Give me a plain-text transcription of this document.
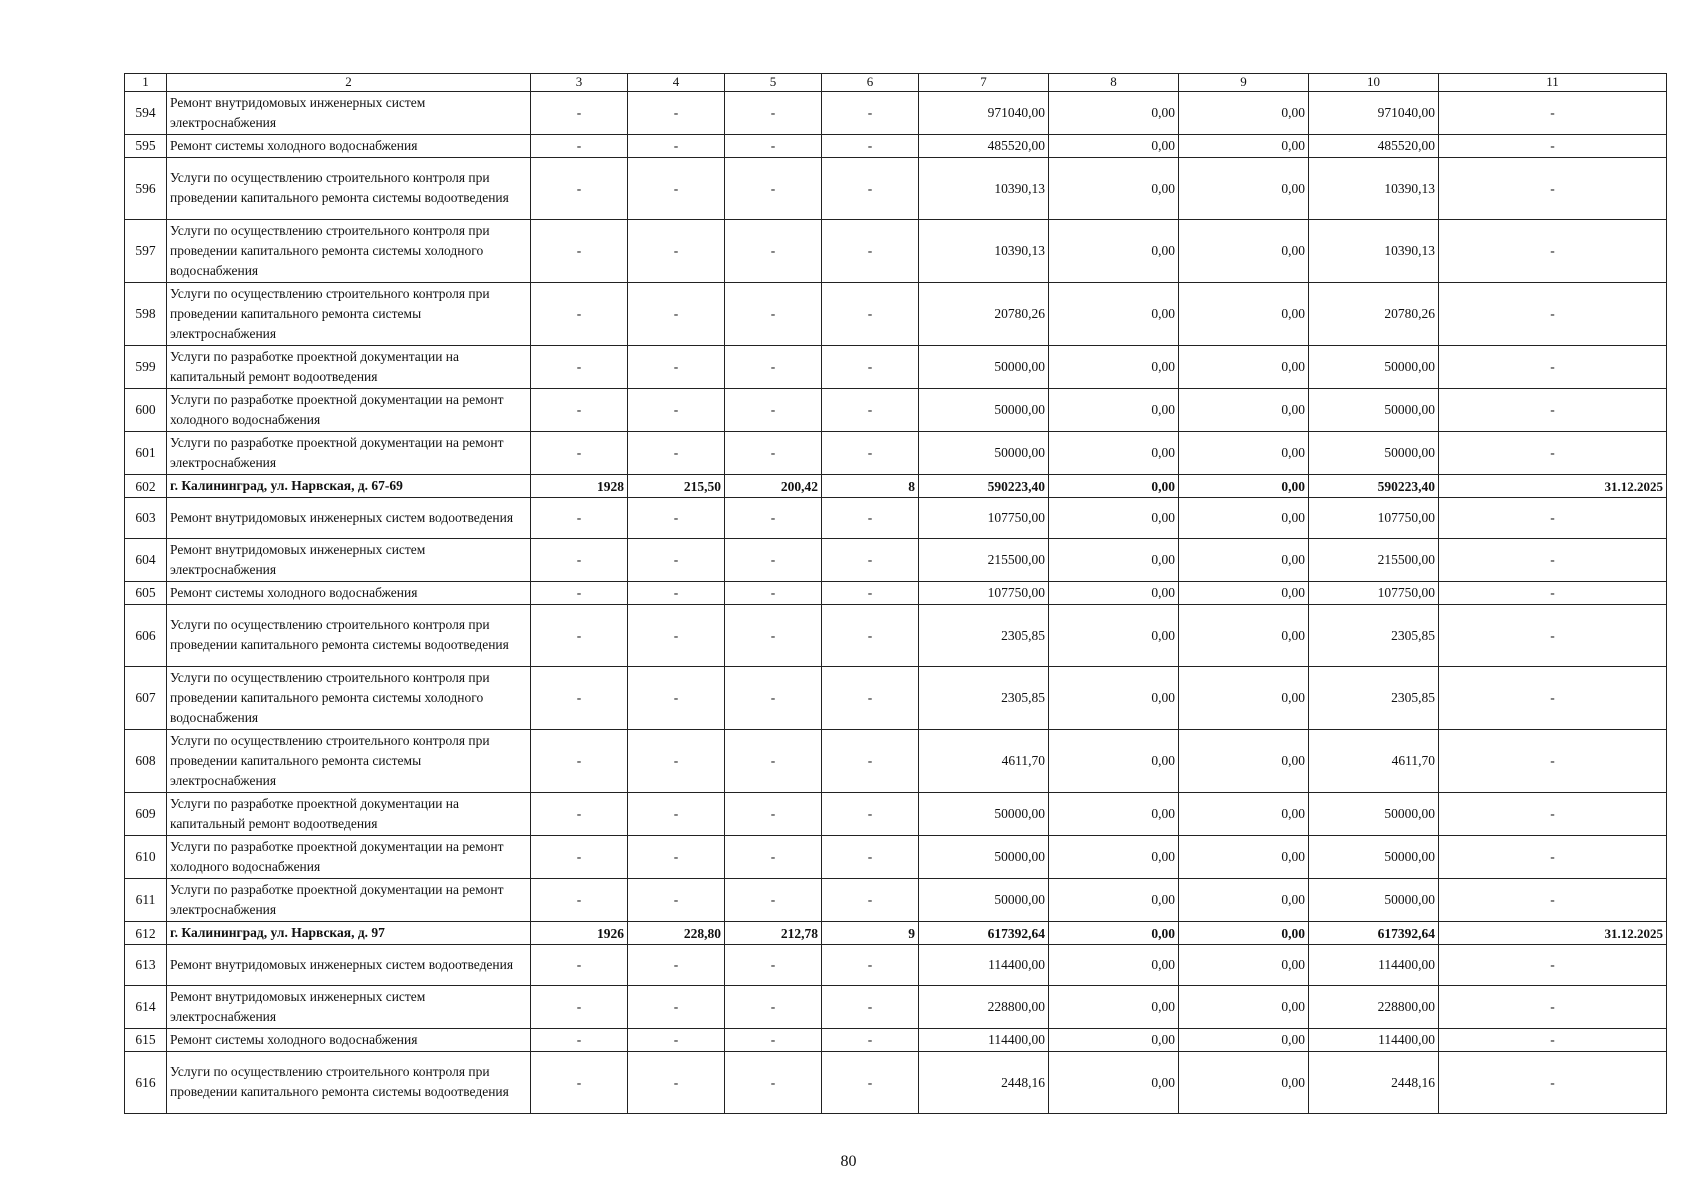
1	2	3	4	5	6	7	8	9	10	11
594	Ремонт внутридомовых инженерных систем электроснабжения	-	-	-	-	971040,00	0,00	0,00	971040,00	-
595	Ремонт системы холодного водоснабжения	-	-	-	-	485520,00	0,00	0,00	485520,00	-
596	Услуги по осуществлению строительного контроля при проведении капитального ремонта системы водоотведения	-	-	-	-	10390,13	0,00	0,00	10390,13	-
597	Услуги по осуществлению строительного контроля при проведении капитального ремонта системы холодного водоснабжения	-	-	-	-	10390,13	0,00	0,00	10390,13	-
598	Услуги по осуществлению строительного контроля при проведении капитального ремонта системы электроснабжения	-	-	-	-	20780,26	0,00	0,00	20780,26	-
599	Услуги по разработке проектной документации на капитальный ремонт водоотведения	-	-	-	-	50000,00	0,00	0,00	50000,00	-
600	Услуги по разработке проектной документации на ремонт холодного водоснабжения	-	-	-	-	50000,00	0,00	0,00	50000,00	-
601	Услуги по разработке проектной документации на ремонт электроснабжения	-	-	-	-	50000,00	0,00	0,00	50000,00	-
602	г. Калининград, ул. Нарвская, д. 67-69	1928	215,50	200,42	8	590223,40	0,00	0,00	590223,40	31.12.2025
603	Ремонт внутридомовых инженерных систем водоотведения	-	-	-	-	107750,00	0,00	0,00	107750,00	-
604	Ремонт внутридомовых инженерных систем электроснабжения	-	-	-	-	215500,00	0,00	0,00	215500,00	-
605	Ремонт системы холодного водоснабжения	-	-	-	-	107750,00	0,00	0,00	107750,00	-
606	Услуги по осуществлению строительного контроля при проведении капитального ремонта системы водоотведения	-	-	-	-	2305,85	0,00	0,00	2305,85	-
607	Услуги по осуществлению строительного контроля при проведении капитального ремонта системы холодного водоснабжения	-	-	-	-	2305,85	0,00	0,00	2305,85	-
608	Услуги по осуществлению строительного контроля при проведении капитального ремонта системы электроснабжения	-	-	-	-	4611,70	0,00	0,00	4611,70	-
609	Услуги по разработке проектной документации на капитальный ремонт водоотведения	-	-	-	-	50000,00	0,00	0,00	50000,00	-
610	Услуги по разработке проектной документации на ремонт холодного водоснабжения	-	-	-	-	50000,00	0,00	0,00	50000,00	-
611	Услуги по разработке проектной документации на ремонт электроснабжения	-	-	-	-	50000,00	0,00	0,00	50000,00	-
612	г. Калининград, ул. Нарвская, д. 97	1926	228,80	212,78	9	617392,64	0,00	0,00	617392,64	31.12.2025
613	Ремонт внутридомовых инженерных систем водоотведения	-	-	-	-	114400,00	0,00	0,00	114400,00	-
614	Ремонт внутридомовых инженерных систем электроснабжения	-	-	-	-	228800,00	0,00	0,00	228800,00	-
615	Ремонт системы холодного водоснабжения	-	-	-	-	114400,00	0,00	0,00	114400,00	-
616	Услуги по осуществлению строительного контроля при проведении капитального ремонта системы водоотведения	-	-	-	-	2448,16	0,00	0,00	2448,16	-
80
